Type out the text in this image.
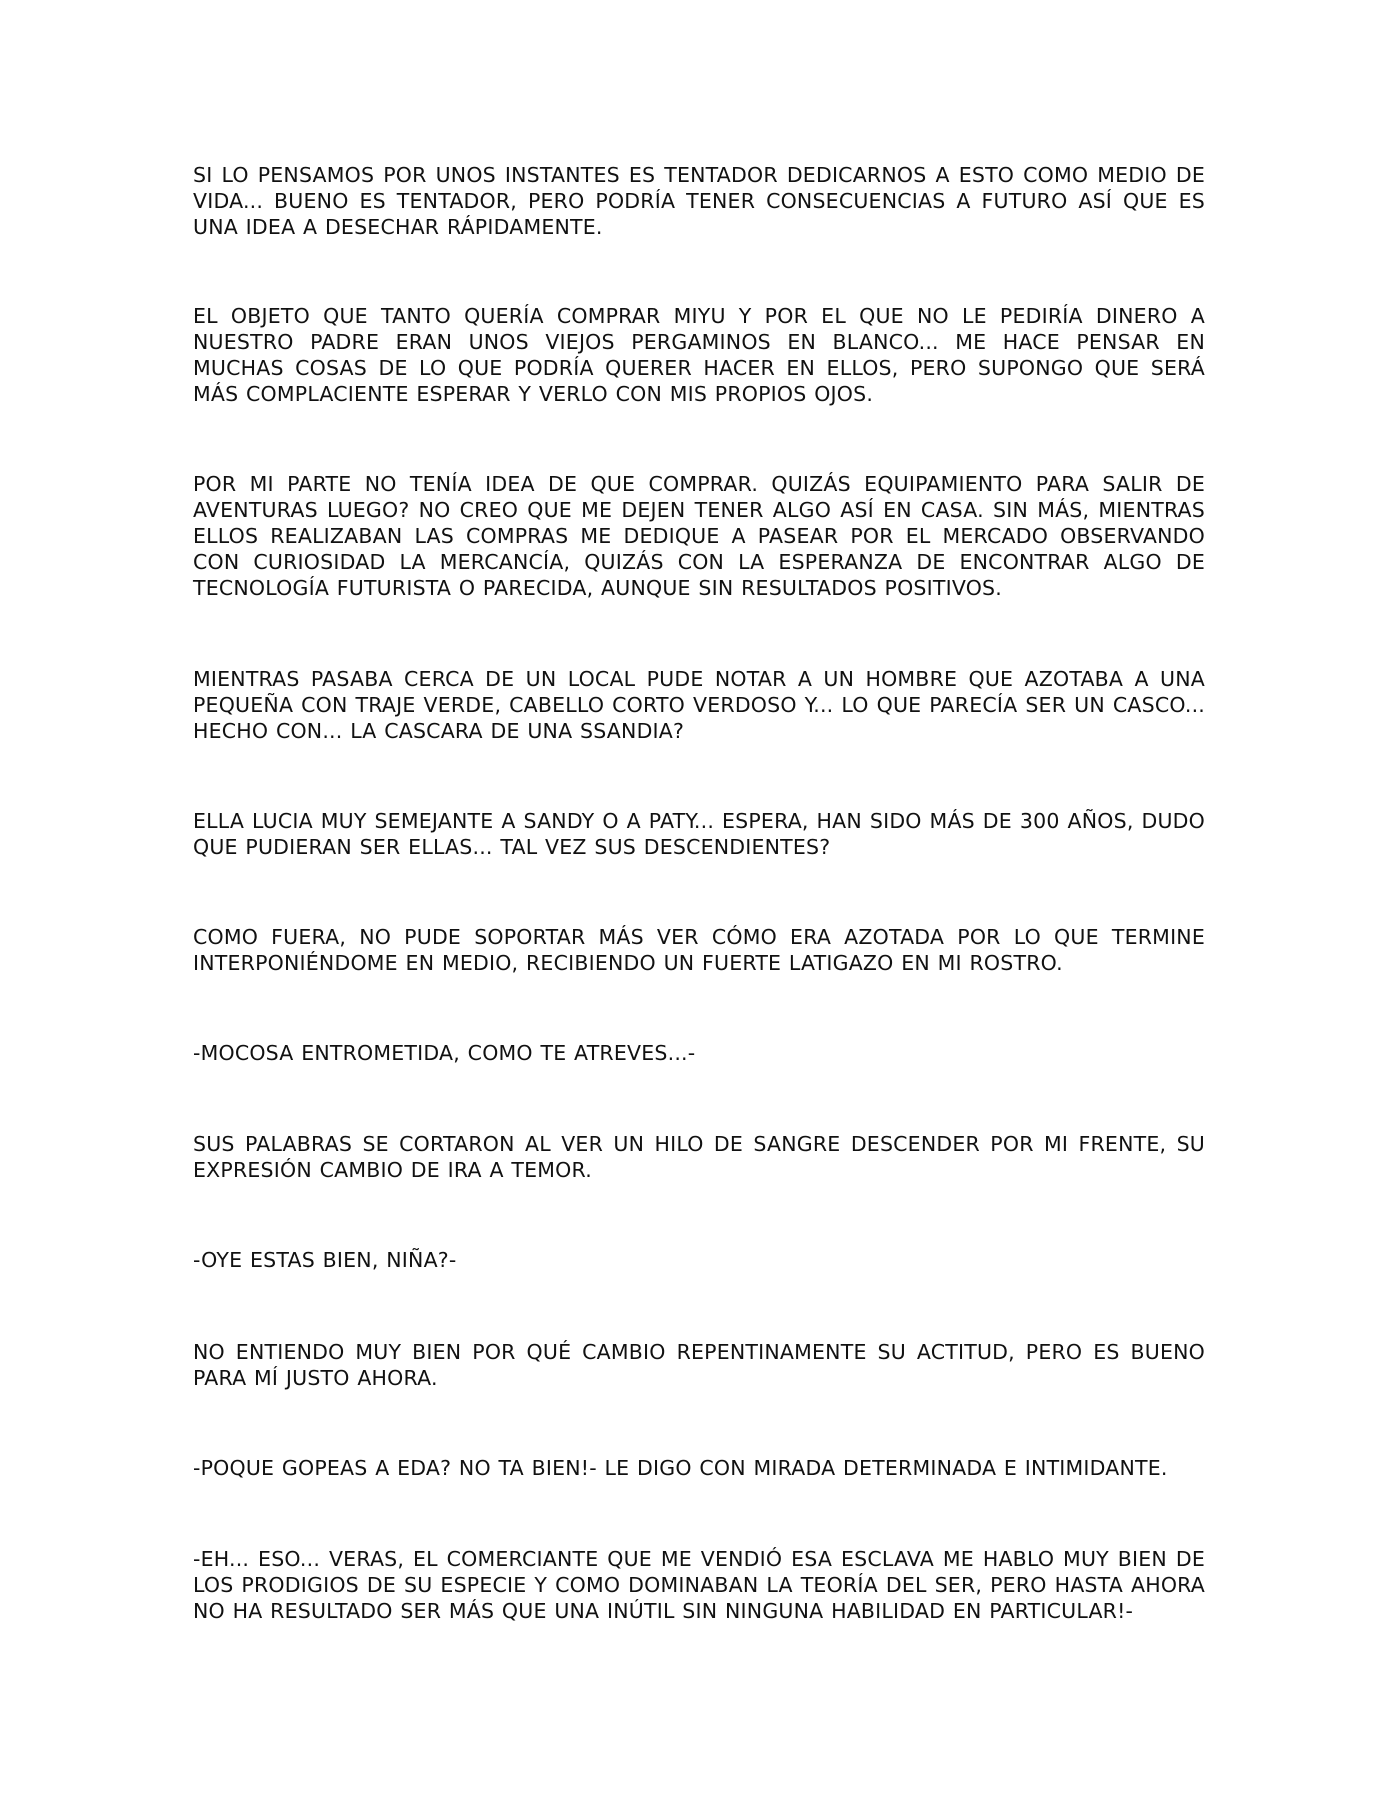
SI LO PENSAMOS POR UNOS INSTANTES ES TENTADOR DEDICARNOS A ESTO COMO MEDIO DE VIDA... BUENO ES TENTADOR, PERO PODRÍA TENER CONSECUENCIAS A FUTURO ASÍ QUE ES UNA IDEA A DESECHAR RÁPIDAMENTE.

EL OBJETO QUE TANTO QUERÍA COMPRAR MIYU Y POR EL QUE NO LE PEDIRÍA DINERO A NUESTRO PADRE ERAN UNOS VIEJOS PERGAMINOS EN BLANCO... ME HACE PENSAR EN MUCHAS COSAS DE LO QUE PODRÍA QUERER HACER EN ELLOS, PERO SUPONGO QUE SERÁ MÁS COMPLACIENTE ESPERAR Y VERLO CON MIS PROPIOS OJOS.

POR MI PARTE NO TENÍA IDEA DE QUE COMPRAR. QUIZÁS EQUIPAMIENTO PARA SALIR DE AVENTURAS LUEGO? NO CREO QUE ME DEJEN TENER ALGO ASÍ EN CASA. SIN MÁS, MIENTRAS ELLOS REALIZABAN LAS COMPRAS ME DEDIQUE A PASEAR POR EL MERCADO OBSERVANDO CON CURIOSIDAD LA MERCANCÍA, QUIZÁS CON LA ESPERANZA DE ENCONTRAR ALGO DE TECNOLOGÍA FUTURISTA O PARECIDA, AUNQUE SIN RESULTADOS POSITIVOS.

MIENTRAS PASABA CERCA DE UN LOCAL PUDE NOTAR A UN HOMBRE QUE AZOTABA A UNA PEQUEÑA CON TRAJE VERDE, CABELLO CORTO VERDOSO Y... LO QUE PARECÍA SER UN CASCO... HECHO CON... LA CASCARA DE UNA SSANDIA?

ELLA LUCIA MUY SEMEJANTE A SANDY O A PATY... ESPERA, HAN SIDO MÁS DE 300 AÑOS, DUDO QUE PUDIERAN SER ELLAS... TAL VEZ SUS DESCENDIENTES?

COMO FUERA, NO PUDE SOPORTAR MÁS VER CÓMO ERA AZOTADA POR LO QUE TERMINE INTERPONIÉNDOME EN MEDIO, RECIBIENDO UN FUERTE LATIGAZO EN MI ROSTRO.

-MOCOSA ENTROMETIDA, COMO TE ATREVES...-

SUS PALABRAS SE CORTARON AL VER UN HILO DE SANGRE DESCENDER POR MI FRENTE, SU EXPRESIÓN CAMBIO DE IRA A TEMOR.

-OYE ESTAS BIEN, NIÑA?-

NO ENTIENDO MUY BIEN POR QUÉ CAMBIO REPENTINAMENTE SU ACTITUD, PERO ES BUENO PARA MÍ JUSTO AHORA.

-POQUE GOPEAS A EDA? NO TA BIEN!- LE DIGO CON MIRADA DETERMINADA E INTIMIDANTE.

-EH... ESO... VERAS, EL COMERCIANTE QUE ME VENDIÓ ESA ESCLAVA ME HABLO MUY BIEN DE LOS PRODIGIOS DE SU ESPECIE Y COMO DOMINABAN LA TEORÍA DEL SER, PERO HASTA AHORA NO HA RESULTADO SER MÁS QUE UNA INÚTIL SIN NINGUNA HABILIDAD EN PARTICULAR!-
